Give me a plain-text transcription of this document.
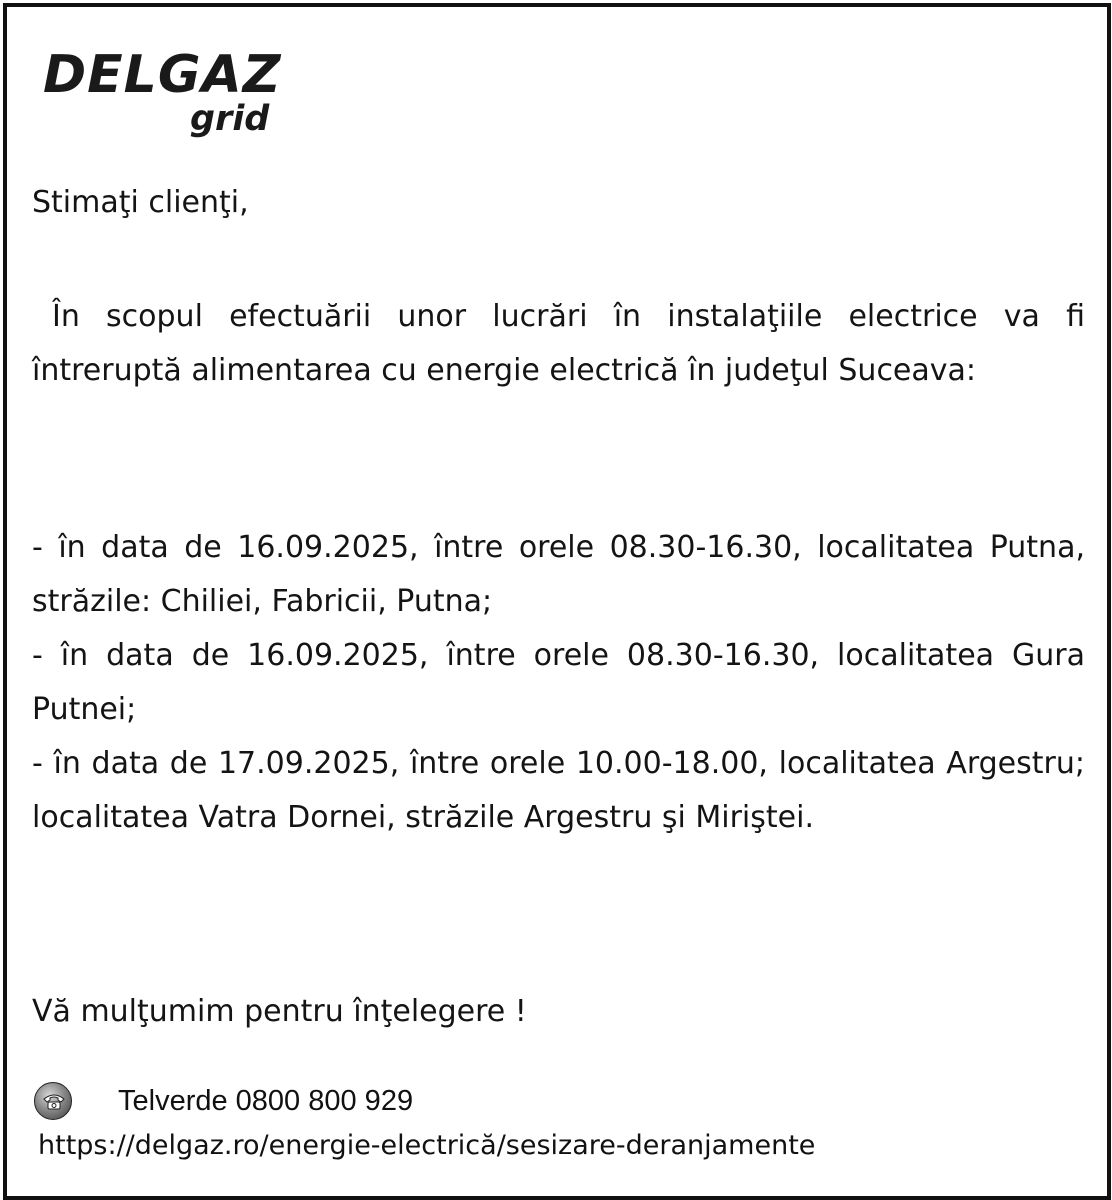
DELGAZ
grid

Stimaţi clienţi,

În scopul efectuării unor lucrări în instalaţiile electrice va fi întreruptă alimentarea cu energie electrică în judeţul Suceava:

- în data de 16.09.2025, între orele 08.30-16.30, localitatea Putna, străzile: Chiliei, Fabricii, Putna;

- în data de 16.09.2025, între orele 08.30-16.30, localitatea Gura Putnei;

- în data de 17.09.2025, între orele 10.00-18.00, localitatea Argestru; localitatea Vatra Dornei, străzile Argestru şi Miriştei.

Vă mulţumim pentru înţelegere !

Telverde 0800 800 929
https://delgaz.ro/energie-electrică/sesizare-deranjamente
